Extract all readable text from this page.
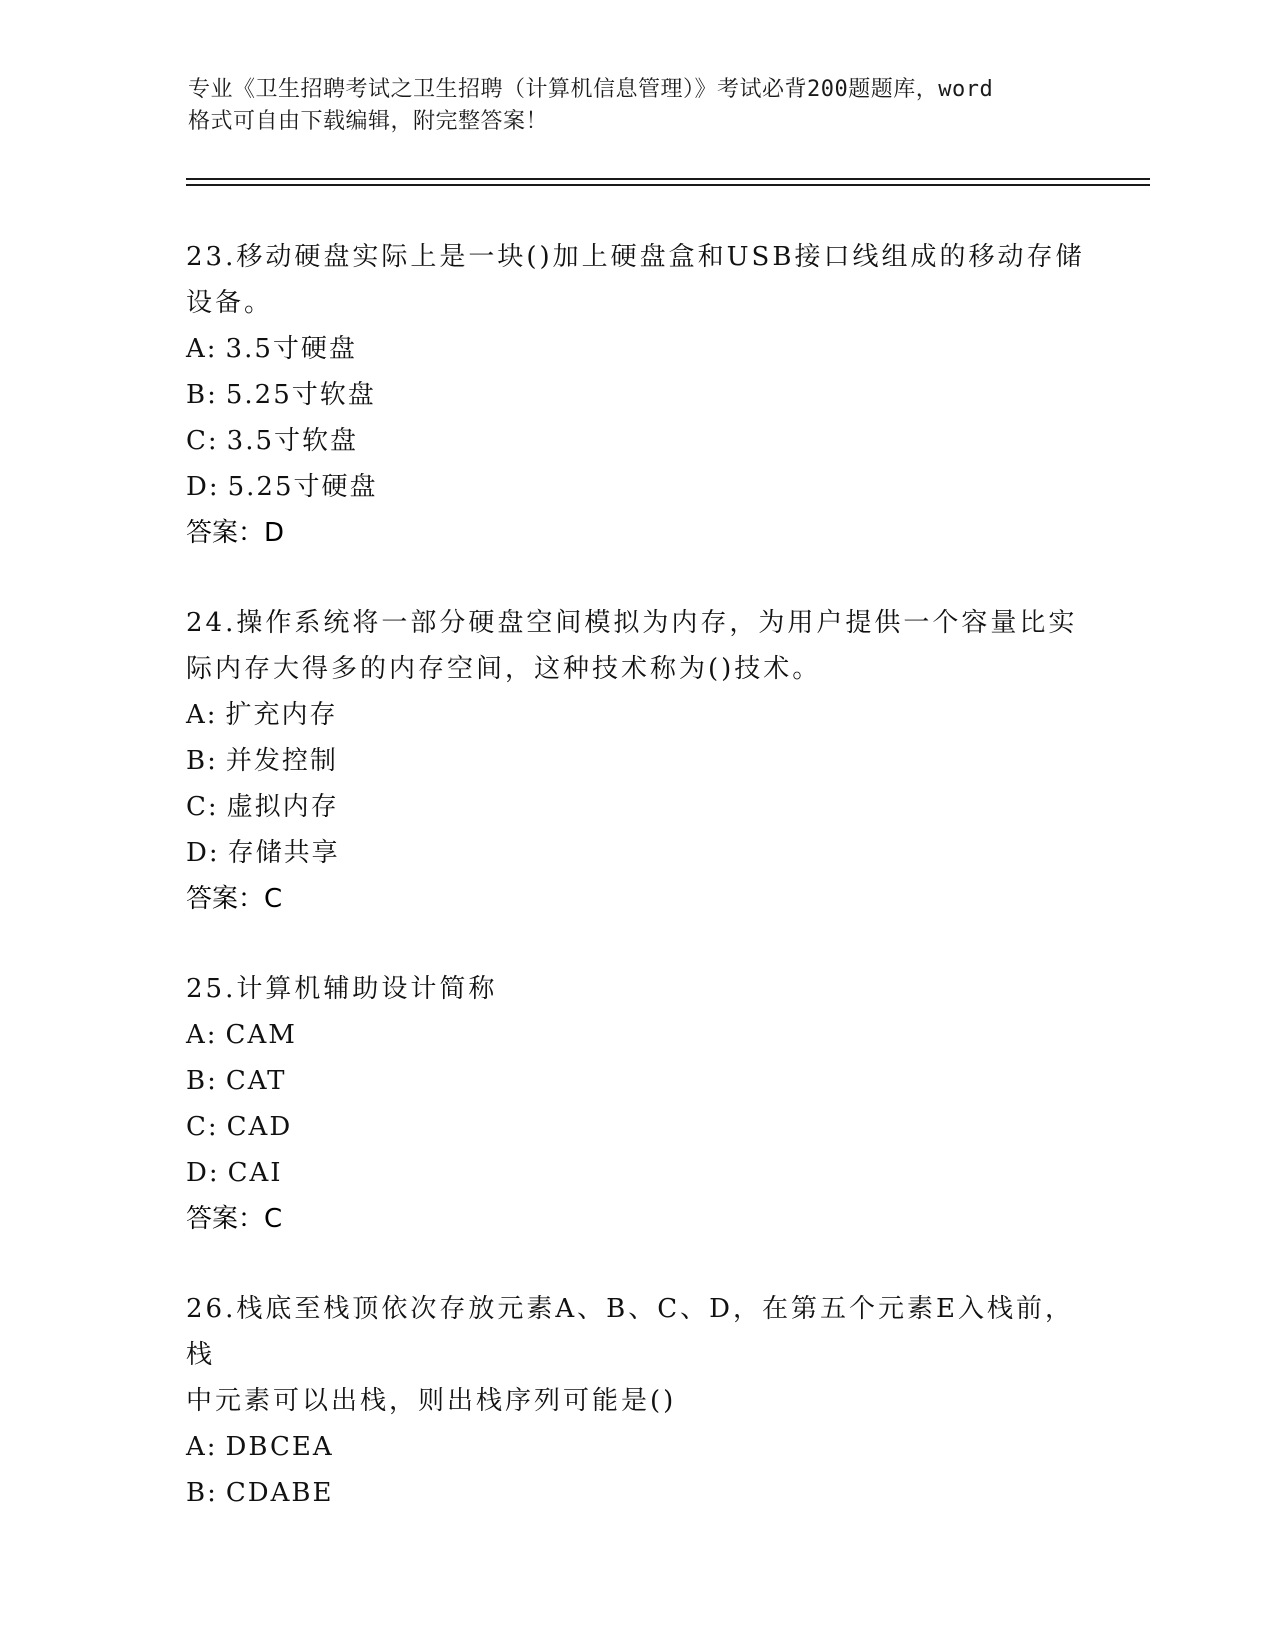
专业《卫生招聘考试之卫生招聘（计算机信息管理）》考试必背200题题库，word
格式可自由下载编辑，附完整答案！

23.移动硬盘实际上是一块()加上硬盘盒和USB接口线组成的移动存储

设备。

A: 3.5寸硬盘

B: 5.25寸软盘

C: 3.5寸软盘

D: 5.25寸硬盘

答案：D

24.操作系统将一部分硬盘空间模拟为内存，为用户提供一个容量比实

际内存大得多的内存空间，这种技术称为()技术。

A: 扩充内存

B: 并发控制

C: 虚拟内存

D: 存储共享

答案：C

25.计算机辅助设计简称

A: CAM

B: CAT

C: CAD

D: CAI

答案：C

26.栈底至栈顶依次存放元素A、B、C、D，在第五个元素E入栈前，栈

中元素可以出栈，则出栈序列可能是()

A: DBCEA

B: CDABE
